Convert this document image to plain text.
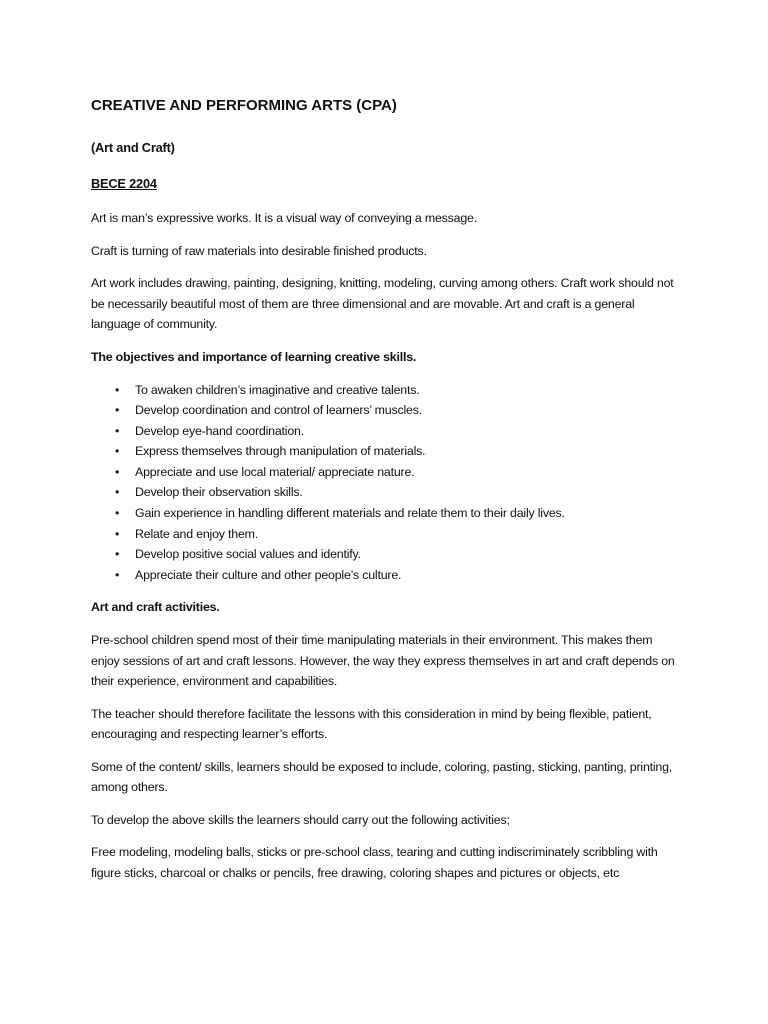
CREATIVE AND PERFORMING ARTS (CPA)
(Art and Craft)
BECE 2204

Art is man’s expressive works. It is a visual way of conveying a message.

Craft is turning of raw materials into desirable finished products.

Art work includes drawing, painting, designing, knitting, modeling, curving among others. Craft work should not be necessarily beautiful most of them are three dimensional and are movable. Art and craft is a general language of community.

The objectives and importance of learning creative skills.
• To awaken children’s imaginative and creative talents.
• Develop coordination and control of learners’ muscles.
• Develop eye-hand coordination.
• Express themselves through manipulation of materials.
• Appreciate and use local material/ appreciate nature.
• Develop their observation skills.
• Gain experience in handling different materials and relate them to their daily lives.
• Relate and enjoy them.
• Develop positive social values and identify.
• Appreciate their culture and other people’s culture.
Art and craft activities.

Pre-school children spend most of their time manipulating materials in their environment. This makes them enjoy sessions of art and craft lessons. However, the way they express themselves in art and craft depends on their experience, environment and capabilities.

The teacher should therefore facilitate the lessons with this consideration in mind by being flexible, patient, encouraging and respecting learner’s efforts.

Some of the content/ skills, learners should be exposed to include, coloring, pasting, sticking, panting, printing, among others.

To develop the above skills the learners should carry out the following activities;

Free modeling, modeling balls, sticks or pre-school class, tearing and cutting indiscriminately scribbling with figure sticks, charcoal or chalks or pencils, free drawing, coloring shapes and pictures or objects, etc
